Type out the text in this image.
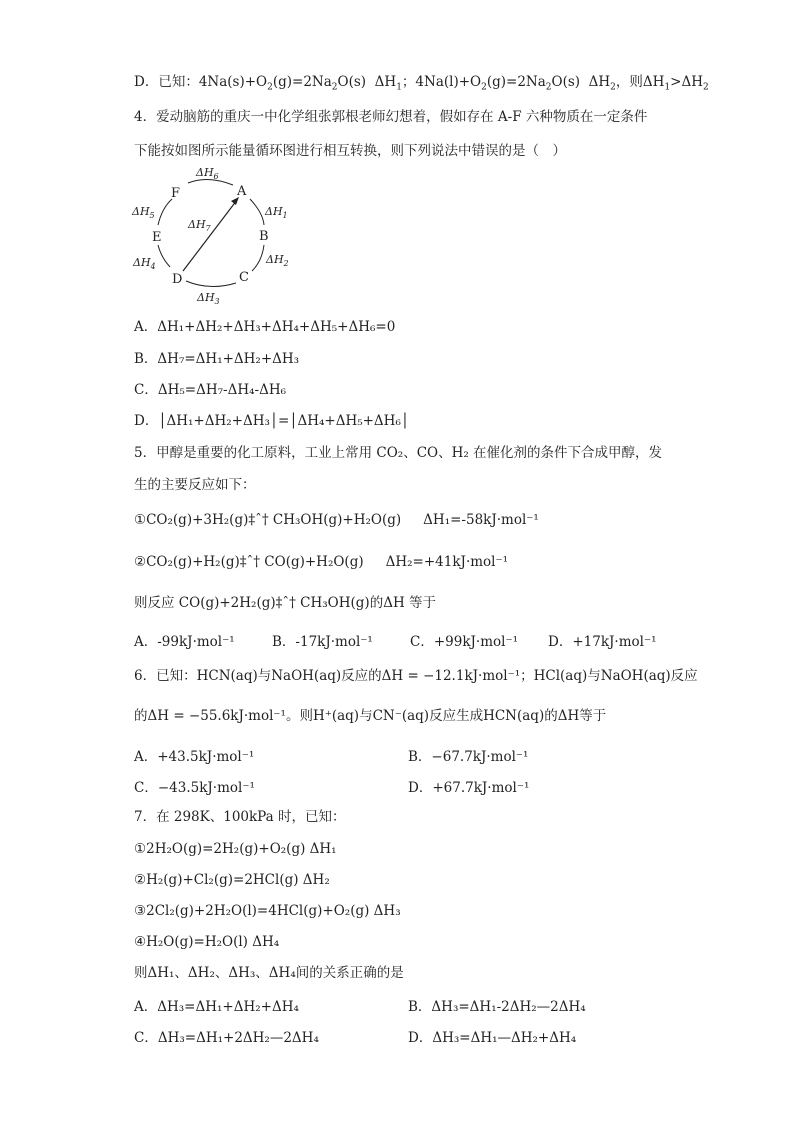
D．已知：$4Na(s)+O_2(g)=2Na_2O(s)$ $\Delta H_1$；$4Na(l)+O_2(g)=2Na_2O(s)$ $\Delta H_2$，则$\Delta H_1>\Delta H_2$
4．爱动脑筋的重庆一中化学组张郭根老师幻想着，假如存在 A-F 六种物质在一定条件
下能按如图所示能量循环图进行相互转换，则下列说法中错误的是（　）
A
B
C
D
E
F
$\Delta H_6$
$\Delta H_1$
$\Delta H_2$
$\Delta H_3$
$\Delta H_4$
$\Delta H_5$
$\Delta H_7$
A．ΔH₁+ΔH₂+ΔH₃+ΔH₄+ΔH₅+ΔH₆=0
B．ΔH₇=ΔH₁+ΔH₂+ΔH₃
C．ΔH₅=ΔH₇-ΔH₄-ΔH₆
D．│ΔH₁+ΔH₂+ΔH₃│=│ΔH₄+ΔH₅+ΔH₆│
5．甲醇是重要的化工原料，工业上常用 CO₂、CO、H₂ 在催化剂的条件下合成甲醇，发
生的主要反应如下：
①CO₂(g)+3H₂(g)‡ˆ† CH₃OH(g)+H₂O(g) ΔH₁=-58kJ·mol⁻¹
②CO₂(g)+H₂(g)‡ˆ† CO(g)+H₂O(g) ΔH₂=+41kJ·mol⁻¹
则反应 CO(g)+2H₂(g)‡ˆ† CH₃OH(g)的ΔH 等于
A．-99kJ·mol⁻¹	B．-17kJ·mol⁻¹	C．+99kJ·mol⁻¹ D．+17kJ·mol⁻¹
6．已知：HCN(aq)与NaOH(aq)反应的ΔH = −12.1kJ·mol⁻¹；HCl(aq)与NaOH(aq)反应
的ΔH = −55.6kJ·mol⁻¹。则H⁺(aq)与CN⁻(aq)反应生成HCN(aq)的ΔH等于
A．+43.5kJ·mol⁻¹	B．−67.7kJ·mol⁻¹
C．−43.5kJ·mol⁻¹	D．+67.7kJ·mol⁻¹
7．在 298K、100kPa 时，已知：
①2H₂O(g)=2H₂(g)+O₂(g) ΔH₁
②H₂(g)+Cl₂(g)=2HCl(g) ΔH₂
③2Cl₂(g)+2H₂O(l)=4HCl(g)+O₂(g) ΔH₃
④H₂O(g)=H₂O(l) ΔH₄
则ΔH₁、ΔH₂、ΔH₃、ΔH₄间的关系正确的是
A．ΔH₃=ΔH₁+ΔH₂+ΔH₄	B．ΔH₃=ΔH₁-2ΔH₂—2ΔH₄
C．ΔH₃=ΔH₁+2ΔH₂—2ΔH₄	D．ΔH₃=ΔH₁—ΔH₂+ΔH₄
